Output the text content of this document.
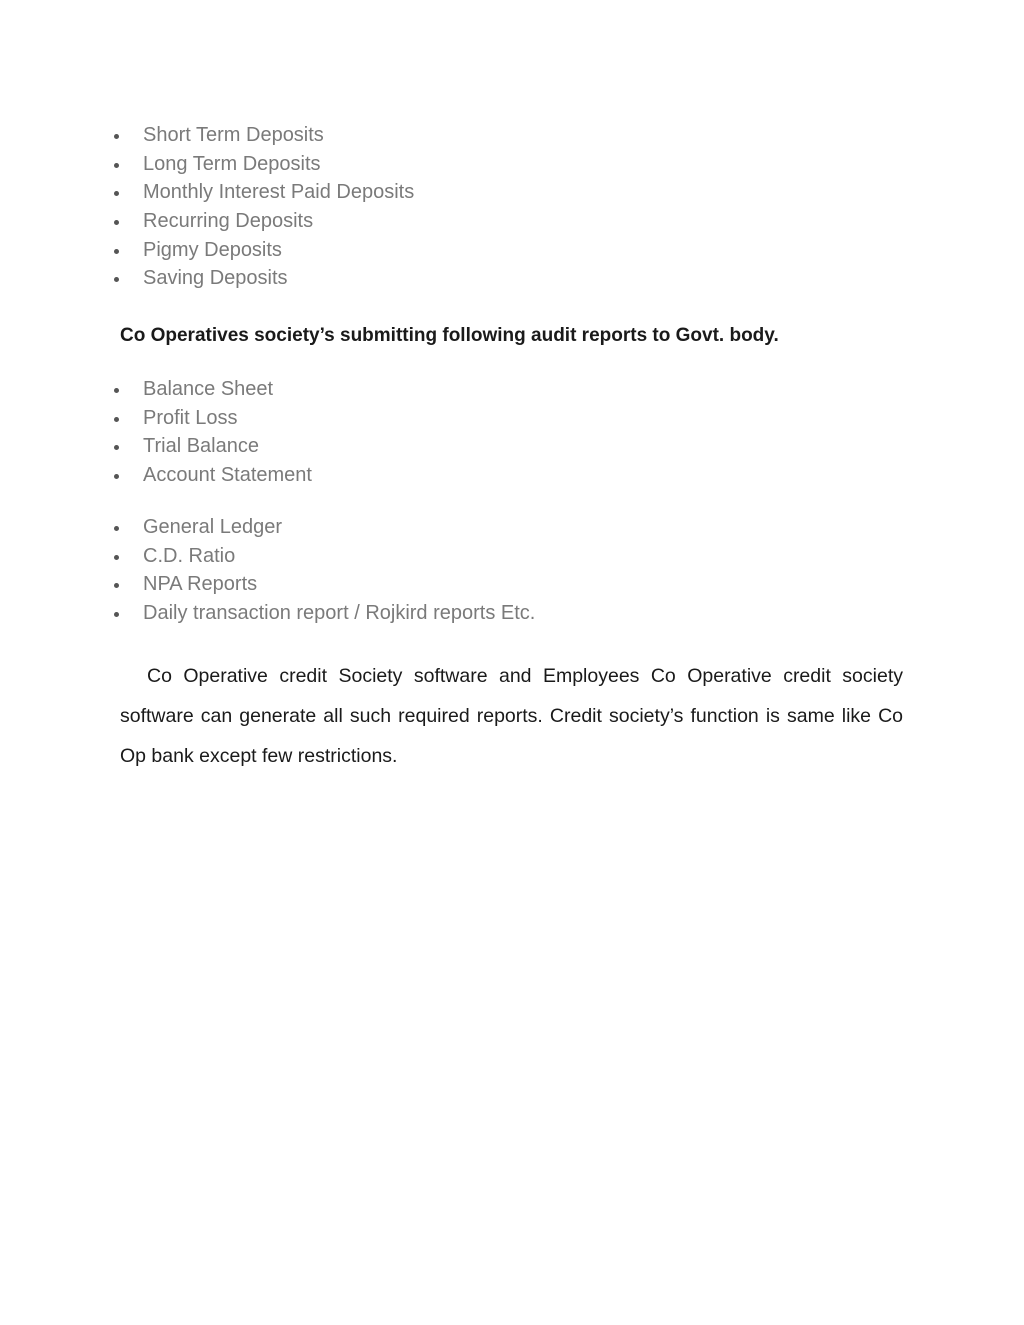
Short Term Deposits
Long Term Deposits
Monthly Interest Paid Deposits
Recurring Deposits
Pigmy Deposits
Saving Deposits

Co Operatives society’s submitting following audit reports to Govt. body.

Balance Sheet
Profit Loss
Trial Balance
Account Statement
General Ledger
C.D. Ratio
NPA Reports
Daily transaction report / Rojkird reports Etc.

Co Operative credit Society software and Employees Co Operative credit society software can generate all such required reports. Credit society’s function is same like Co Op bank except few restrictions.
